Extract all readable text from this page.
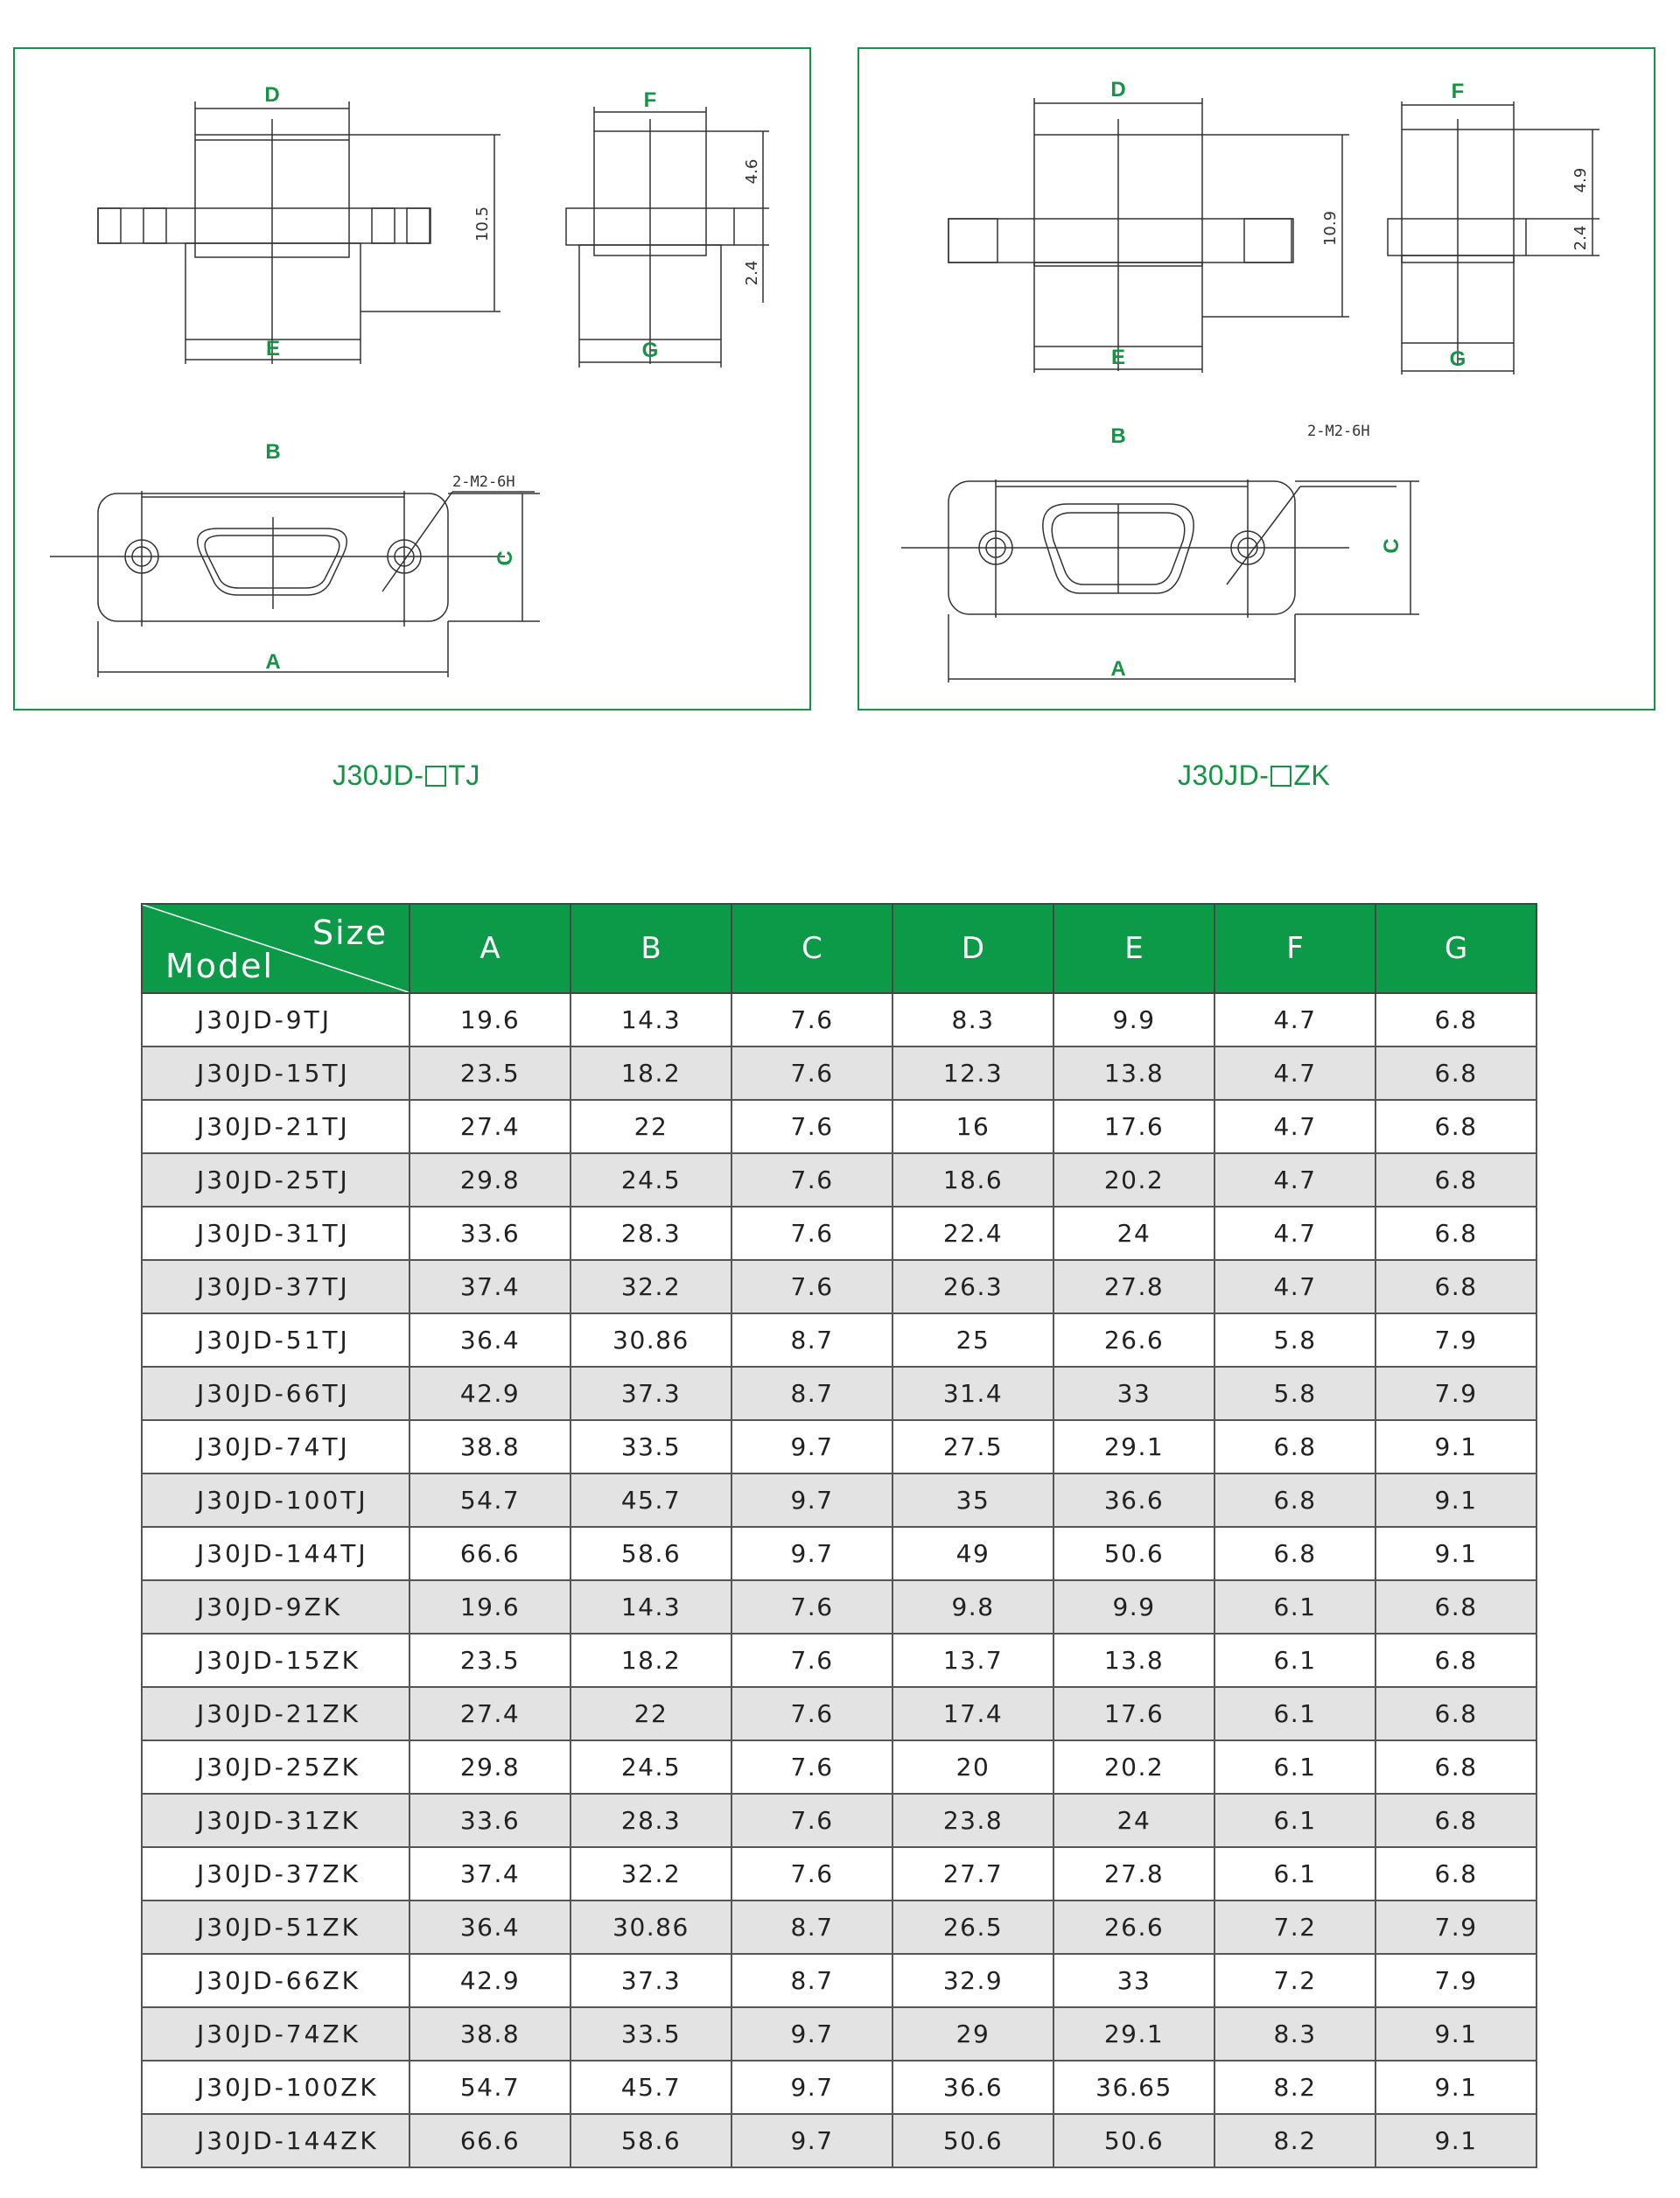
D
E
F
G
B
A
C
10.5
4.6
2.4
2-M2-6H
D
E
F
G
B
A
C
10.9
4.9
2.4
2-M2-6H
J30JD- TJ	J30JD- ZK
Size
Model	A	B	C	D	E	F	G
J30JD-9TJ	19.6	14.3	7.6	8.3	9.9	4.7	6.8
J30JD-15TJ	23.5	18.2	7.6	12.3	13.8	4.7	6.8
J30JD-21TJ	27.4	22	7.6	16	17.6	4.7	6.8
J30JD-25TJ	29.8	24.5	7.6	18.6	20.2	4.7	6.8
J30JD-31TJ	33.6	28.3	7.6	22.4	24	4.7	6.8
J30JD-37TJ	37.4	32.2	7.6	26.3	27.8	4.7	6.8
J30JD-51TJ	36.4	30.86	8.7	25	26.6	5.8	7.9
J30JD-66TJ	42.9	37.3	8.7	31.4	33	5.8	7.9
J30JD-74TJ	38.8	33.5	9.7	27.5	29.1	6.8	9.1
J30JD-100TJ	54.7	45.7	9.7	35	36.6	6.8	9.1
J30JD-144TJ	66.6	58.6	9.7	49	50.6	6.8	9.1
J30JD-9ZK	19.6	14.3	7.6	9.8	9.9	6.1	6.8
J30JD-15ZK	23.5	18.2	7.6	13.7	13.8	6.1	6.8
J30JD-21ZK	27.4	22	7.6	17.4	17.6	6.1	6.8
J30JD-25ZK	29.8	24.5	7.6	20	20.2	6.1	6.8
J30JD-31ZK	33.6	28.3	7.6	23.8	24	6.1	6.8
J30JD-37ZK	37.4	32.2	7.6	27.7	27.8	6.1	6.8
J30JD-51ZK	36.4	30.86	8.7	26.5	26.6	7.2	7.9
J30JD-66ZK	42.9	37.3	8.7	32.9	33	7.2	7.9
J30JD-74ZK	38.8	33.5	9.7	29	29.1	8.3	9.1
J30JD-100ZK	54.7	45.7	9.7	36.6	36.65	8.2	9.1
J30JD-144ZK	66.6	58.6	9.7	50.6	50.6	8.2	9.1
